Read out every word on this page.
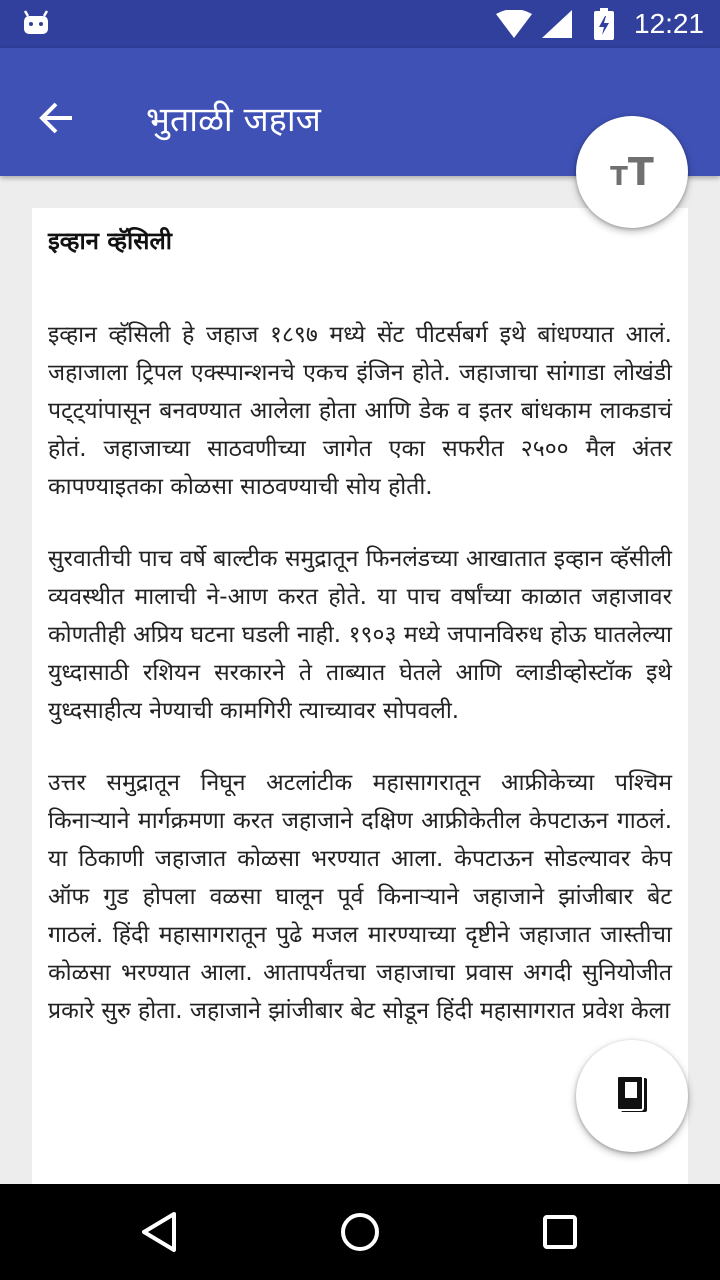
12:21
भुताळी जहाज
इव्हान व्हॅसिली

इव्हान व्हॅसिली हे जहाज १८९७ मध्ये सेंट पीटर्सबर्ग इथे बांधण्यात आलं. जहाजाला ट्रिपल एक्स्पान्शनचे एकच इंजिन होते. जहाजाचा सांगाडा लोखंडी पट्ट्यांपासून बनवण्यात आलेला होता आणि डेक व इतर बांधकाम लाकडाचं होतं. जहाजाच्या साठवणीच्या जागेत एका सफरीत २५०० मैल अंतर कापण्याइतका कोळसा साठवण्याची सोय होती.

सुरवातीची पाच वर्षे बाल्टीक समुद्रातून फिनलंडच्या आखातात इव्हान व्हॅसीली व्यवस्थीत मालाची ने-आण करत होते. या पाच वर्षांच्या काळात जहाजावर कोणतीही अप्रिय घटना घडली नाही. १९०३ मध्ये जपानविरुध होऊ घातलेल्या युध्दासाठी रशियन सरकारने ते ताब्यात घेतले आणि व्लाडीव्होस्टॉक इथे युध्दसाहीत्य नेण्याची कामगिरी त्याच्यावर सोपवली.

उत्तर समुद्रातून निघून अटलांटीक महासागरातून आफ्रीकेच्या पश्चिम किनाऱ्याने मार्गक्रमणा करत जहाजाने दक्षिण आफ्रीकेतील केपटाऊन गाठलं. या ठिकाणी जहाजात कोळसा भरण्यात आला. केपटाऊन सोडल्यावर केप ऑफ गुड होपला वळसा घालून पूर्व किनाऱ्याने जहाजाने झांजीबार बेट गाठलं. हिंदी महासागरातून पुढे मजल मारण्याच्या दृष्टीने जहाजात जास्तीचा कोळसा भरण्यात आला. आतापर्यंतचा जहाजाचा प्रवास अगदी सुनियोजीत प्रकारे सुरु होता. जहाजाने झांजीबार बेट सोडून हिंदी महासागरात प्रवेश केला

TT
